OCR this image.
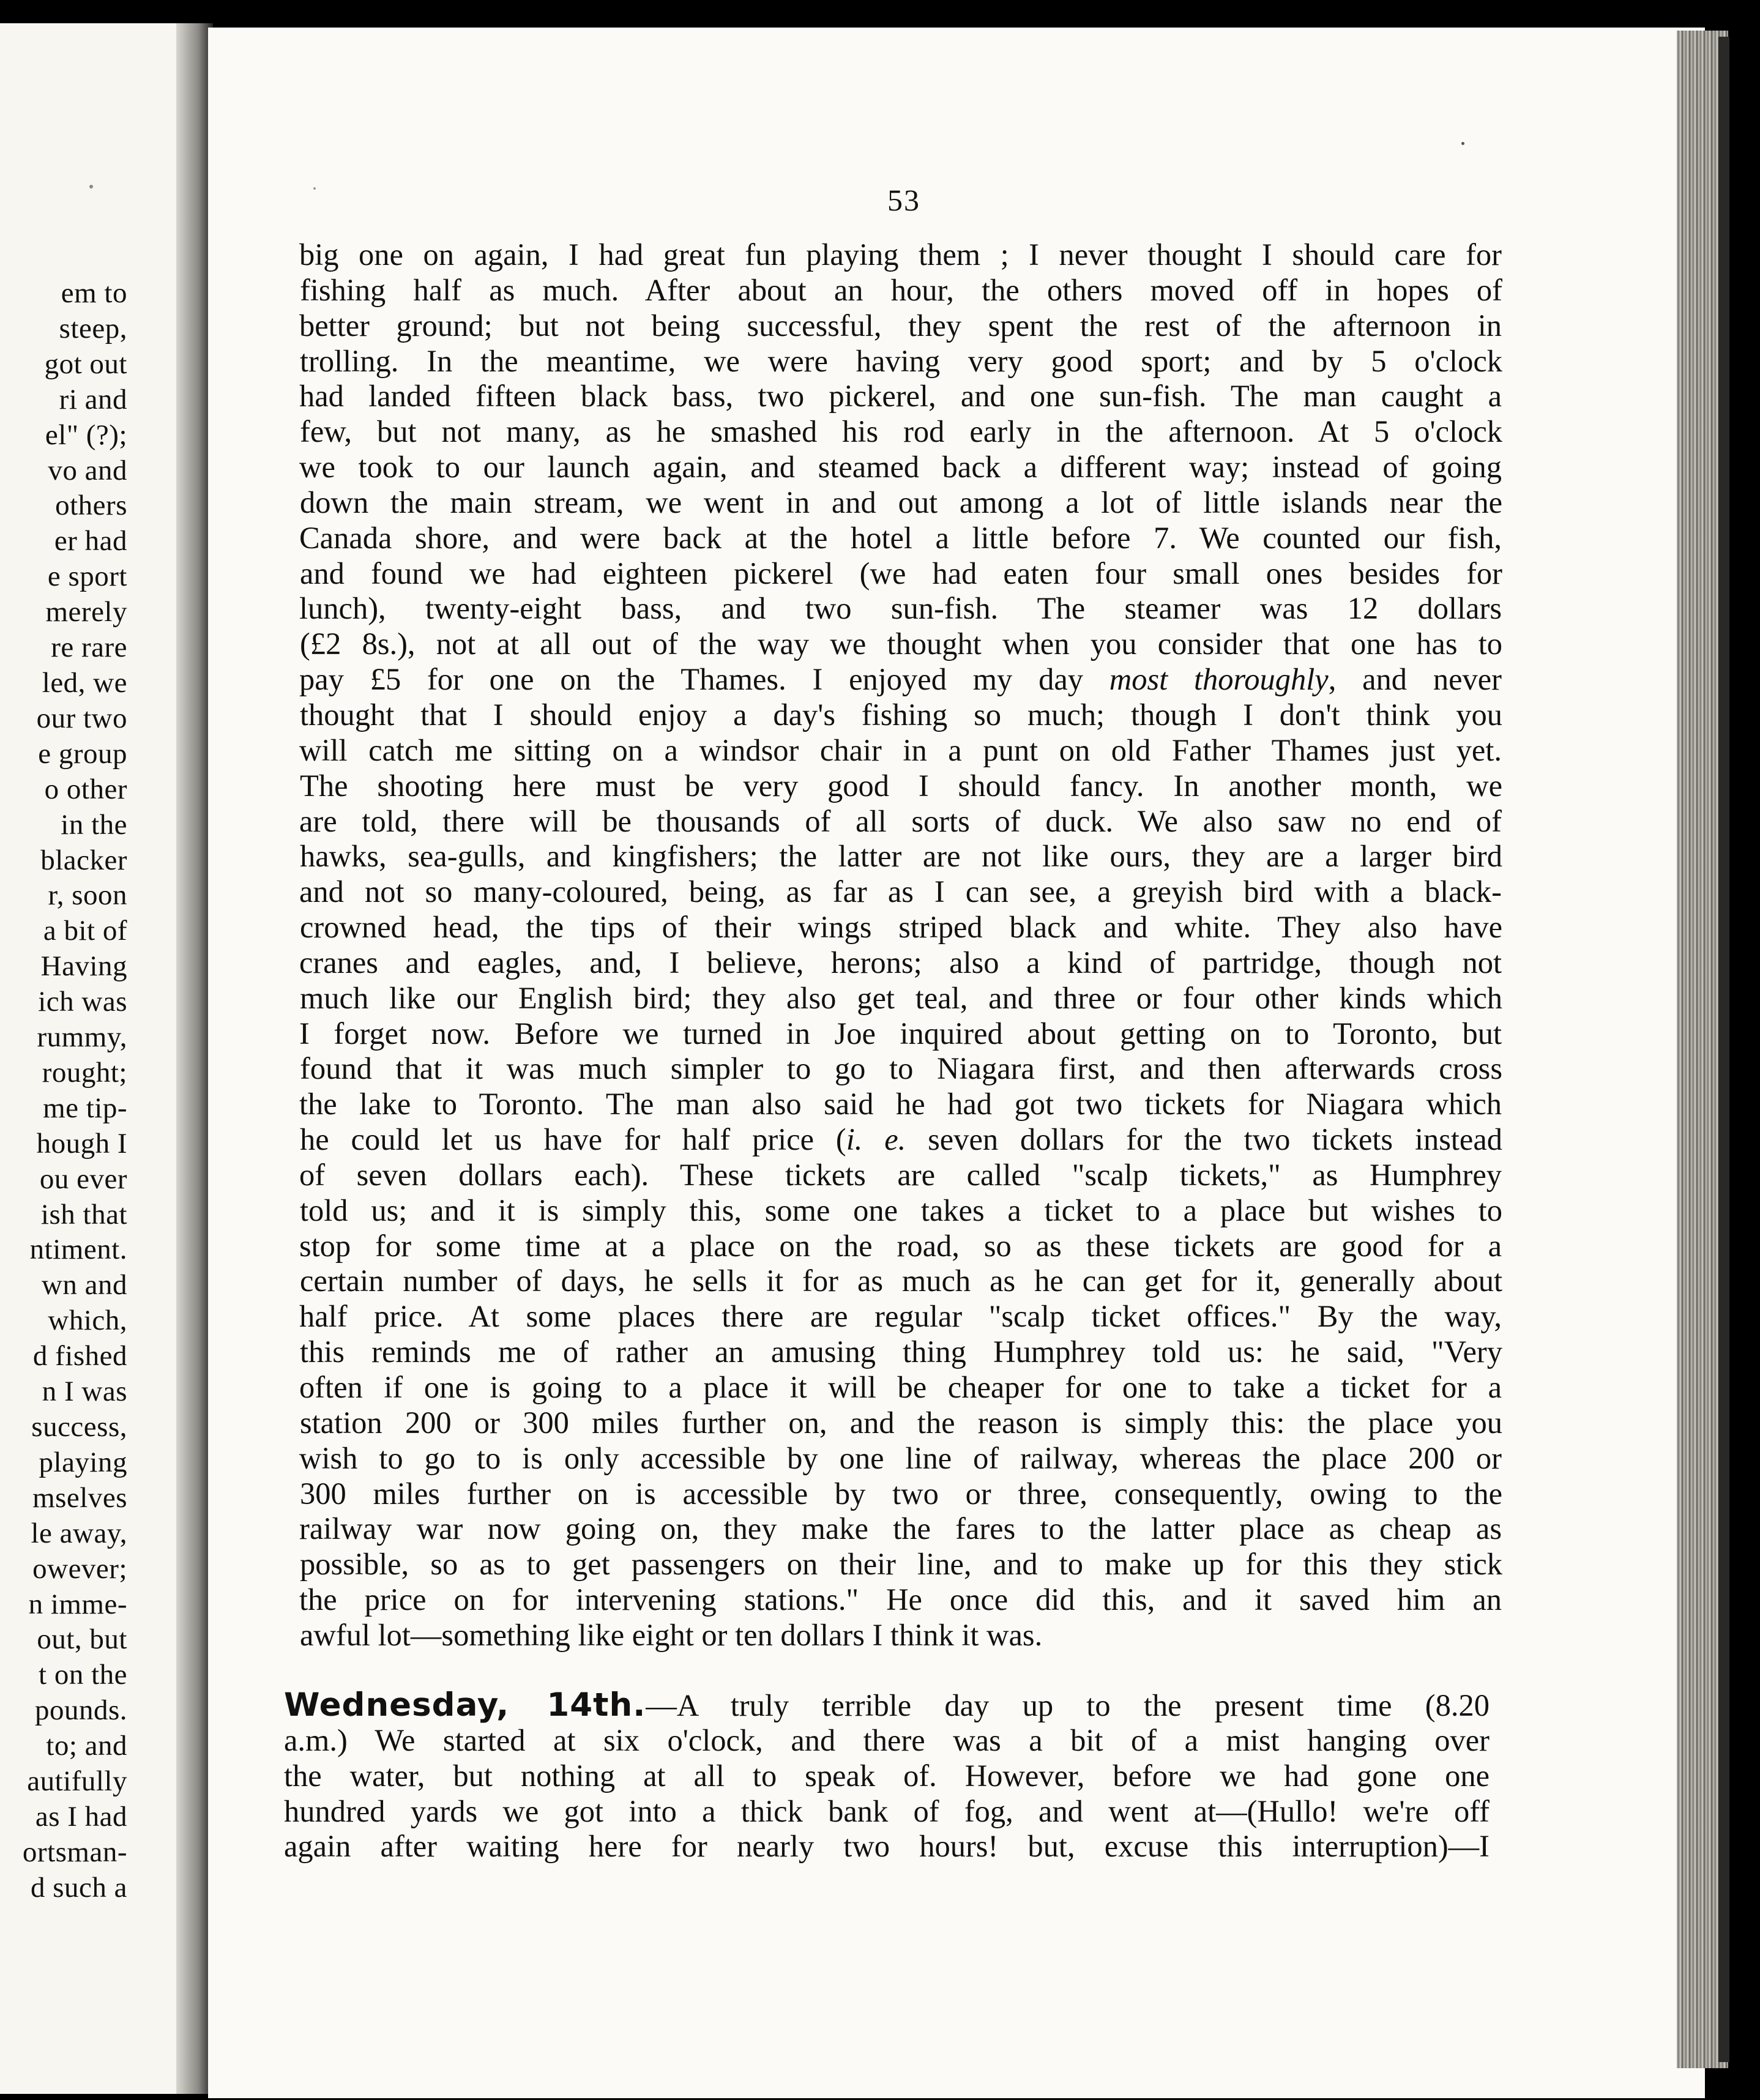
em to
steep,
got out
ri and
el" (?);
vo and
others
er had
e sport
merely
re rare
led, we
our two
e group
o other
in the
blacker
r, soon
a bit of
Having
ich was
rummy,
rought;
me tip-
hough I
ou ever
ish that
ntiment.
wn and
which,
d fished
n I was
success,
playing
mselves
le away,
owever;
n imme-
out, but
t on the
pounds.
to; and
autifully
as I had
ortsman-
d such a
53
big one on again, I had great fun playing them ; I never thought I should care for
fishing half as much. After about an hour, the others moved off in hopes of
better ground; but not being successful, they spent the rest of the afternoon in
trolling. In the meantime, we were having very good sport; and by 5 o'clock
had landed fifteen black bass, two pickerel, and one sun-fish. The man caught a
few, but not many, as he smashed his rod early in the afternoon. At 5 o'clock
we took to our launch again, and steamed back a different way; instead of going
down the main stream, we went in and out among a lot of little islands near the
Canada shore, and were back at the hotel a little before 7. We counted our fish,
and found we had eighteen pickerel (we had eaten four small ones besides for
lunch), twenty-eight bass, and two sun-fish. The steamer was 12 dollars
(£2 8s.), not at all out of the way we thought when you consider that one has to
pay £5 for one on the Thames. I enjoyed my day most thoroughly, and never
thought that I should enjoy a day's fishing so much; though I don't think you
will catch me sitting on a windsor chair in a punt on old Father Thames just yet.
The shooting here must be very good I should fancy. In another month, we
are told, there will be thousands of all sorts of duck. We also saw no end of
hawks, sea-gulls, and kingfishers; the latter are not like ours, they are a larger bird
and not so many-coloured, being, as far as I can see, a greyish bird with a black-
crowned head, the tips of their wings striped black and white. They also have
cranes and eagles, and, I believe, herons; also a kind of partridge, though not
much like our English bird; they also get teal, and three or four other kinds which
I forget now. Before we turned in Joe inquired about getting on to Toronto, but
found that it was much simpler to go to Niagara first, and then afterwards cross
the lake to Toronto. The man also said he had got two tickets for Niagara which
he could let us have for half price (i. e. seven dollars for the two tickets instead
of seven dollars each). These tickets are called "scalp tickets," as Humphrey
told us; and it is simply this, some one takes a ticket to a place but wishes to
stop for some time at a place on the road, so as these tickets are good for a
certain number of days, he sells it for as much as he can get for it, generally about
half price. At some places there are regular "scalp ticket offices." By the way,
this reminds me of rather an amusing thing Humphrey told us: he said, "Very
often if one is going to a place it will be cheaper for one to take a ticket for a
station 200 or 300 miles further on, and the reason is simply this: the place you
wish to go to is only accessible by one line of railway, whereas the place 200 or
300 miles further on is accessible by two or three, consequently, owing to the
railway war now going on, they make the fares to the latter place as cheap as
possible, so as to get passengers on their line, and to make up for this they stick
the price on for intervening stations." He once did this, and it saved him an
awful lot—something like eight or ten dollars I think it was.
Wednesday, 14th.—A truly terrible day up to the present time (8.20
a.m.) We started at six o'clock, and there was a bit of a mist hanging over
the water, but nothing at all to speak of. However, before we had gone one
hundred yards we got into a thick bank of fog, and went at—(Hullo! we're off
again after waiting here for nearly two hours! but, excuse this interruption)—I
